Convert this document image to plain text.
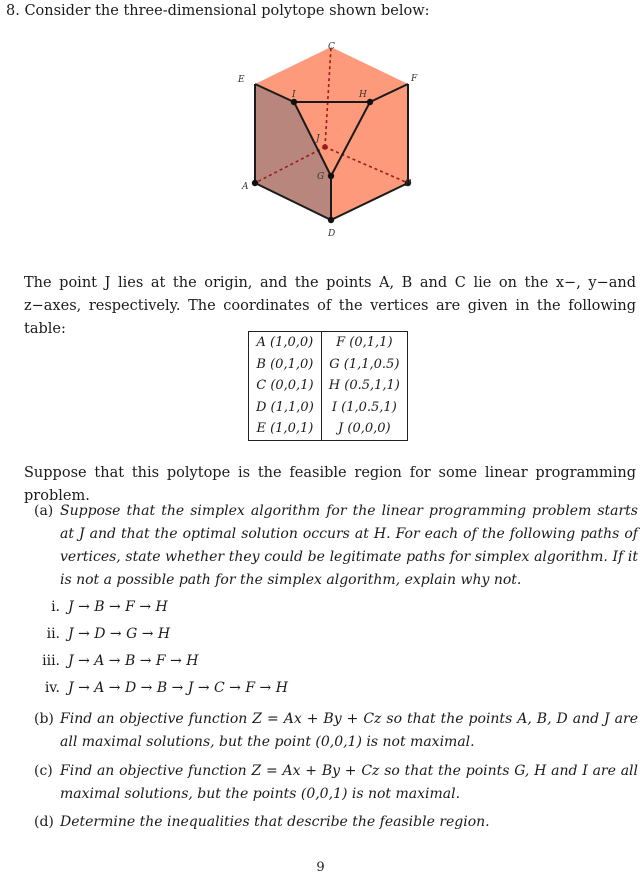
8. Consider the three-dimensional polytope shown below:
C
E	F
I	H
J
G
A	B
D
The point J lies at the origin, and the points A, B and C lie on the x−, y−and z−axes, respectively. The coordinates of the vertices are given in the following table:
A (1,0,0)	F (0,1,1)
B (0,1,0)	G (1,1,0.5)
C (0,0,1)	H (0.5,1,1)
D (1,1,0)	I (1,0.5,1)
E (1,0,1)	J (0,0,0)
Suppose that this polytope is the feasible region for some linear programming problem.
(a) Suppose that the simplex algorithm for the linear programming problem starts at J and that the optimal solution occurs at H. For each of the following paths of vertices, state whether they could be legitimate paths for simplex algorithm. If it is not a possible path for the simplex algorithm, explain why not.
i. J → B → F → H
ii. J → D → G → H
iii. J → A → B → F → H
iv. J → A → D → B → J → C → F → H
(b) Find an objective function Z = Ax + By + Cz so that the points A, B, D and J are all maximal solutions, but the point (0,0,1) is not maximal.
(c) Find an objective function Z = Ax + By + Cz so that the points G, H and I are all maximal solutions, but the points (0,0,1) is not maximal.
(d) Determine the inequalities that describe the feasible region.
9
